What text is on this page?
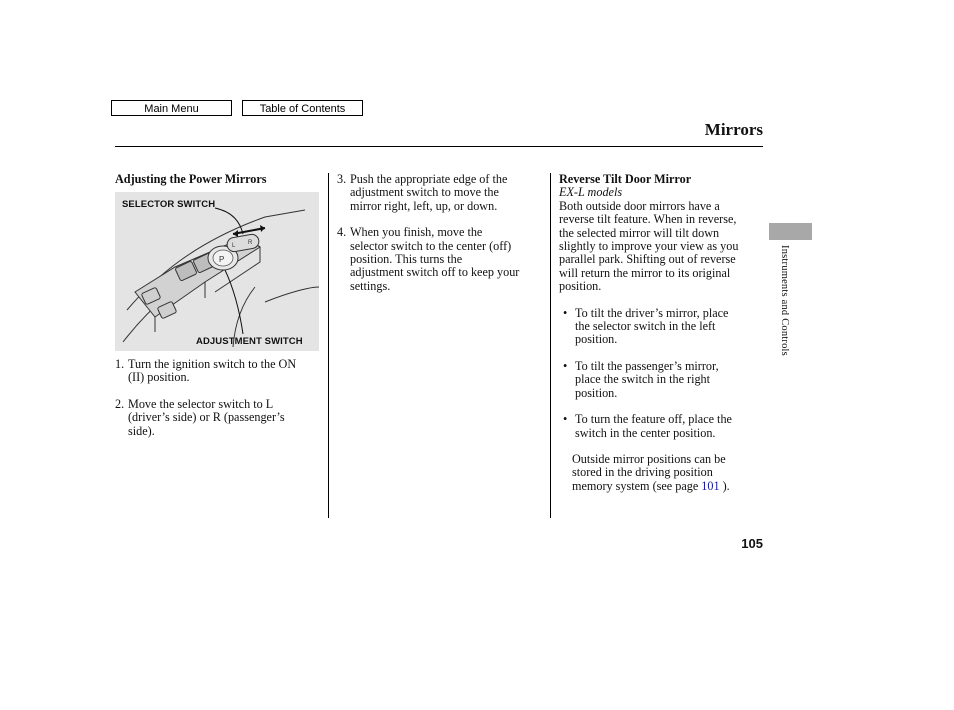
Main Menu	Table of Contents
Mirrors
Instruments and Controls
Adjusting the Power Mirrors
P
L R
SELECTOR SWITCH
ADJUSTMENT SWITCH
1. Turn the ignition switch to the ON
(II) position.
2. Move the selector switch to L
(driver’s side) or R (passenger’s
side).
3. Push the appropriate edge of the
adjustment switch to move the
mirror right, left, up, or down.
4. When you finish, move the
selector switch to the center (off)
position. This turns the
adjustment switch off to keep your
settings.
Reverse Tilt Door Mirror
EX-L models
Both outside door mirrors have a
reverse tilt feature. When in reverse,
the selected mirror will tilt down
slightly to improve your view as you
parallel park. Shifting out of reverse
will return the mirror to its original
position.
• To tilt the driver’s mirror, place
the selector switch in the left
position.
• To tilt the passenger’s mirror,
place the switch in the right
position.
• To turn the feature off, place the
switch in the center position.
Outside mirror positions can be
stored in the driving position
memory system (see page 101 ).
105
